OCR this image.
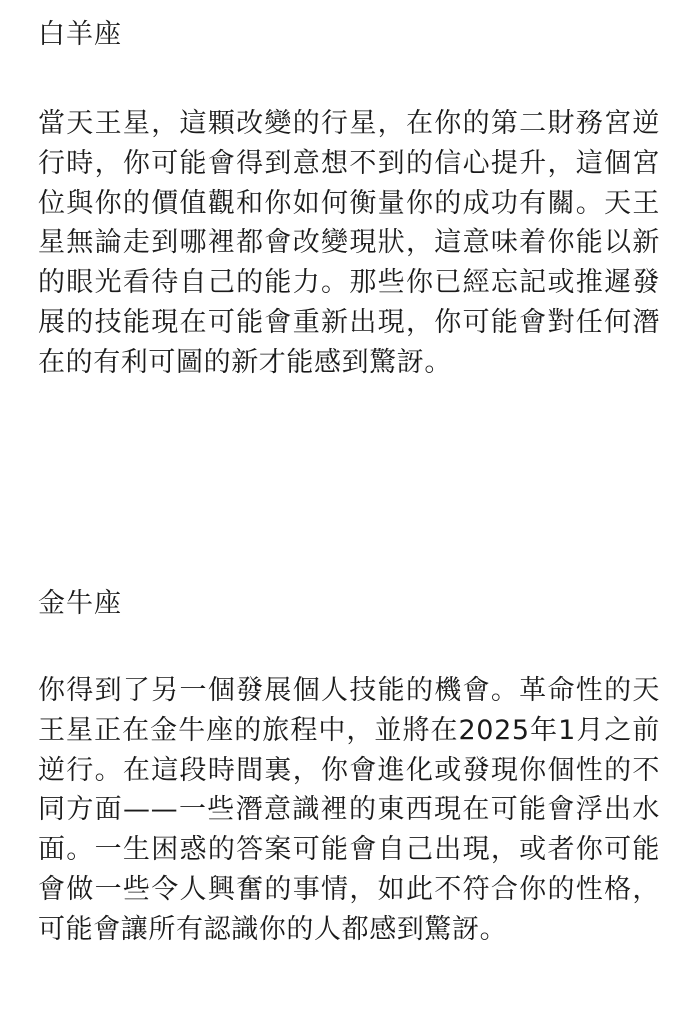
白羊座
當天王星，這顆改變的行星，在你的第二財務宮逆行時，你可能會得到意想不到的信心提升，這個宮位與你的價值觀和你如何衡量你的成功有關。天王星無論走到哪裡都會改變現狀，這意味着你能以新的眼光看待自己的能力。那些你已經忘記或推遲發展的技能現在可能會重新出現，你可能會對任何潛在的有利可圖的新才能感到驚訝。
金牛座
你得到了另一個發展個人技能的機會。革命性的天王星正在金牛座的旅程中，並將在2025年1月之前逆行。在這段時間裏，你會進化或發現你個性的不同方面——一些潛意識裡的東西現在可能會浮出水面。一生困惑的答案可能會自己出現，或者你可能會做一些令人興奮的事情，如此不符合你的性格，可能會讓所有認識你的人都感到驚訝。
